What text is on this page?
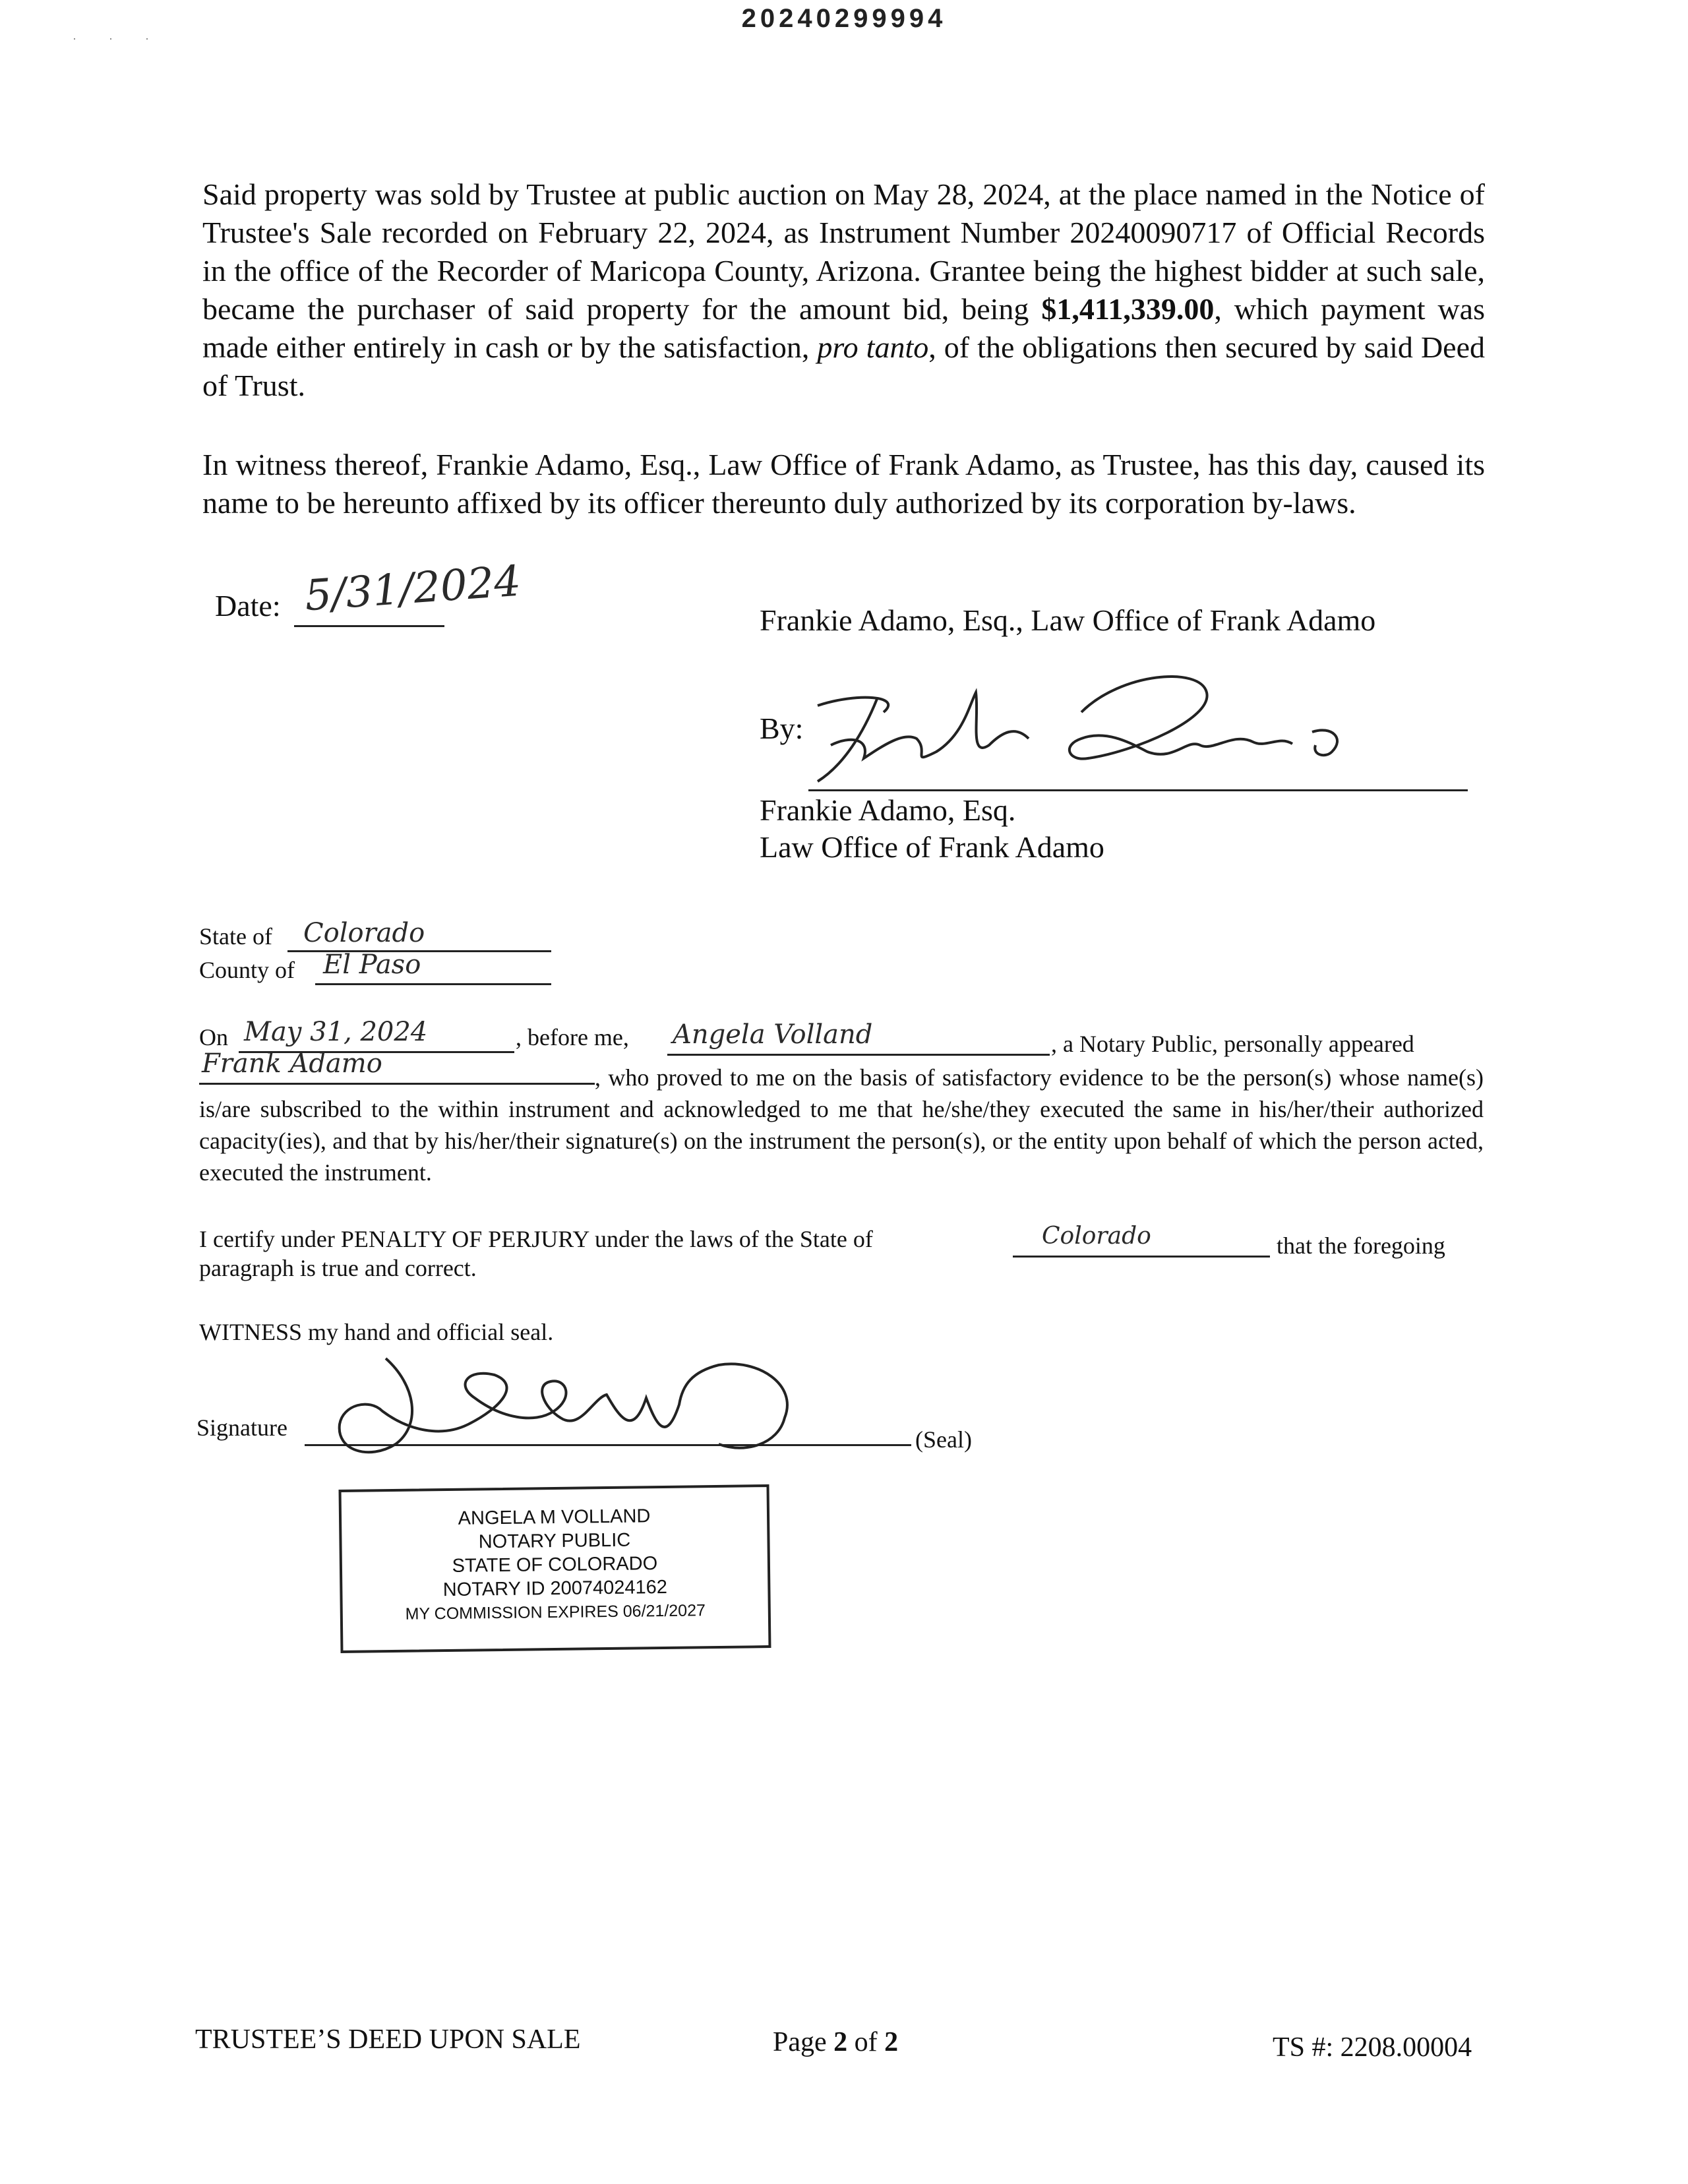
20240299994
· · ·
Said property was sold by Trustee at public auction on May 28, 2024, at the place named in the Notice of Trustee's Sale recorded on February 22, 2024, as Instrument Number 20240090717 of Official Records in the office of the Recorder of Maricopa County, Arizona. Grantee being the highest bidder at such sale, became the purchaser of said property for the amount bid, being $1,411,339.00, which payment was made either entirely in cash or by the satisfaction, pro tanto, of the obligations then secured by said Deed of Trust.
In witness thereof, Frankie Adamo, Esq., Law Office of Frank Adamo, as Trustee, has this day, caused its name to be hereunto affixed by its officer thereunto duly authorized by its corporation by-laws.
Date: 5/31/2024	Frankie Adamo, Esq., Law Office of Frank Adamo
By:
Frankie Adamo, Esq.
Law Office of Frank Adamo
State of Colorado
County of El Paso
On May 31, 2024	, before me, Angela Volland	, a Notary Public, personally appeared
Frank Adamo	, who proved to me on the basis of satisfactory evidence to be the person(s) whose name(s) is/are subscribed to the within instrument and acknowledged to me that he/she/they executed the same in his/her/their authorized capacity(ies), and that by his/her/their signature(s) on the instrument the person(s), or the entity upon behalf of which the person acted, executed the instrument.
I certify under PENALTY OF PERJURY under the laws of the State of	Colorado	that the foregoing
paragraph is true and correct.
WITNESS my hand and official seal.
Signature	(Seal)
ANGELA M VOLLAND
NOTARY PUBLIC
STATE OF COLORADO
NOTARY ID 20074024162
MY COMMISSION EXPIRES 06/21/2027
TRUSTEE’S DEED UPON SALE	Page 2 of 2	TS #: 2208.00004
